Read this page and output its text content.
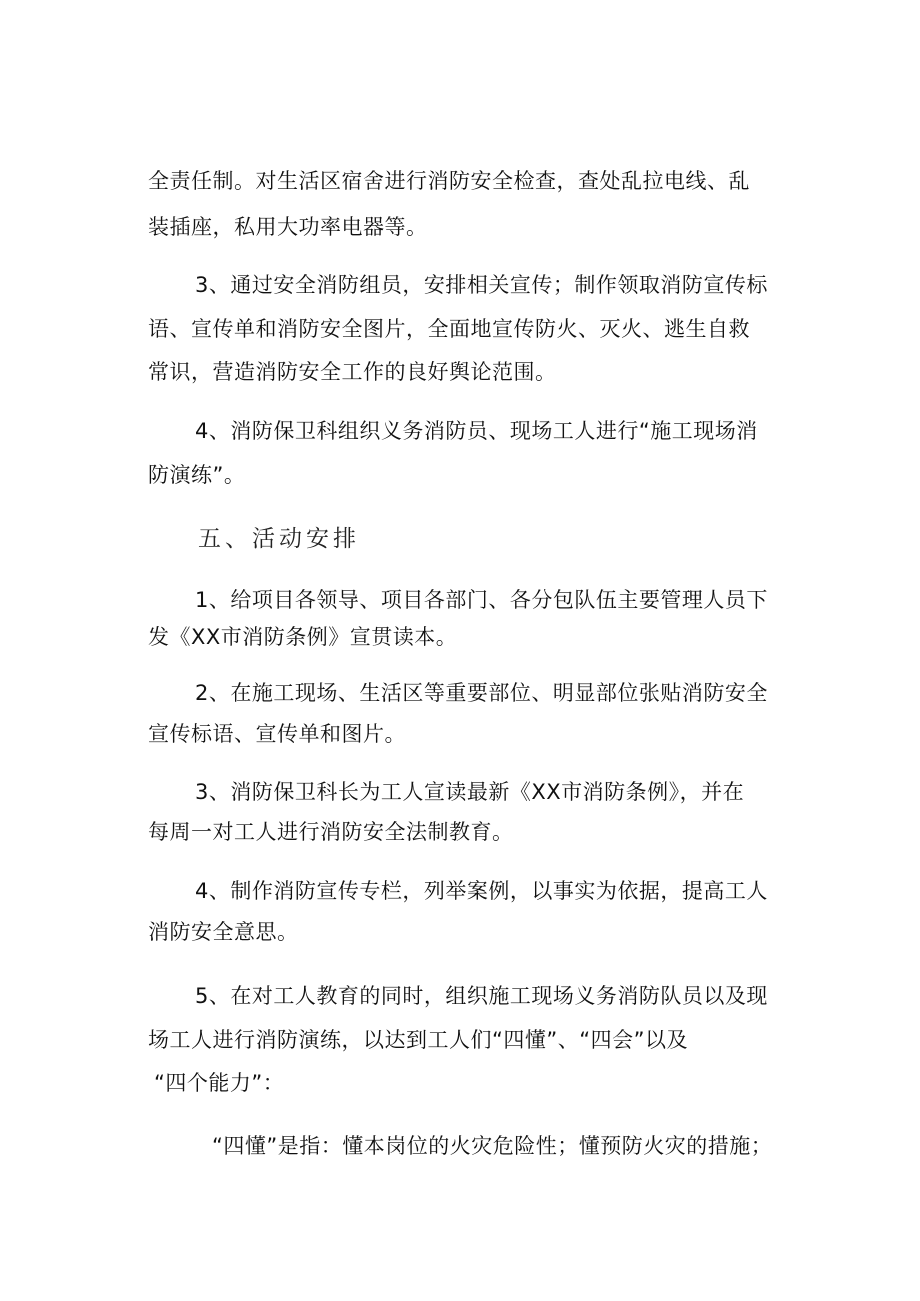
全责任制。对生活区宿舍进行消防安全检查，查处乱拉电线、乱
装插座，私用大功率电器等。
3、通过安全消防组员，安排相关宣传；制作领取消防宣传标
语、宣传单和消防安全图片，全面地宣传防火、灭火、逃生自救
常识，营造消防安全工作的良好舆论范围。
4、消防保卫科组织义务消防员、现场工人进行“施工现场消
防演练”。
五、活动安排
1、给项目各领导、项目各部门、各分包队伍主要管理人员下
发《XX市消防条例》宣贯读本。
2、在施工现场、生活区等重要部位、明显部位张贴消防安全
宣传标语、宣传单和图片。
3、消防保卫科长为工人宣读最新《XX市消防条例》，并在
每周一对工人进行消防安全法制教育。
4、制作消防宣传专栏，列举案例，以事实为依据，提高工人
消防安全意思。
5、在对工人教育的同时，组织施工现场义务消防队员以及现
场工人进行消防演练，以达到工人们“四懂”、“四会”以及
“四个能力”：
“四懂”是指：懂本岗位的火灾危险性；懂预防火灾的措施；
